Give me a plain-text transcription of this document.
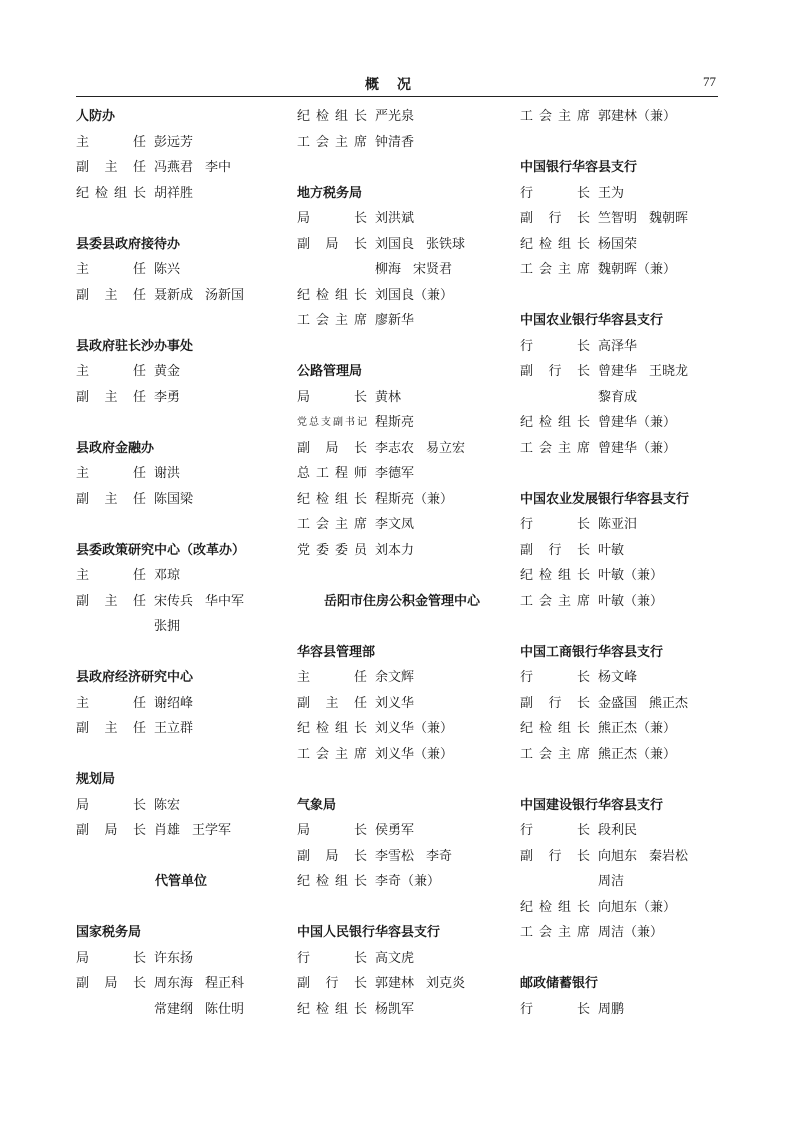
概况	77
人防办
主任 彭远芳
副主任 冯燕君 李中
纪检组长 胡祥胜
县委县政府接待办
主任 陈兴
副主任 聂新成 汤新国
县政府驻长沙办事处
主任 黄金
副主任 李勇
县政府金融办
主任 谢洪
副主任 陈国梁
县委政策研究中心（改革办）
主任 邓琼
副主任 宋传兵 华中军
张拥
县政府经济研究中心
主任 谢绍峰
副主任 王立群
规划局
局长 陈宏
副局长 肖雄 王学军
代管单位
国家税务局
局长 许东扬
副局长 周东海 程正科
常建纲 陈仕明
纪检组长 严光泉
工会主席 钟清香
地方税务局
局长 刘洪斌
副局长 刘国良 张铁球
柳海 宋贤君
纪检组长 刘国良（兼）
工会主席 廖新华
公路管理局
局长 黄林
党总支副书记 程斯亮
副局长 李志农 易立宏
总工程师 李德军
纪检组长 程斯亮（兼）
工会主席 李文凤
党委委员 刘本力
岳阳市住房公积金管理中心
华容县管理部
主任 余文辉
副主任 刘义华
纪检组长 刘义华（兼）
工会主席 刘义华（兼）
气象局
局长 侯勇军
副局长 李雪松 李奇
纪检组长 李奇（兼）
中国人民银行华容县支行
行长 高文虎
副行长 郭建林 刘克炎
纪检组长 杨凯军
工会主席 郭建林（兼）
中国银行华容县支行
行长 王为
副行长 竺智明 魏朝晖
纪检组长 杨国荣
工会主席 魏朝晖（兼）
中国农业银行华容县支行
行长 高泽华
副行长 曾建华 王晓龙
黎育成
纪检组长 曾建华（兼）
工会主席 曾建华（兼）
中国农业发展银行华容县支行
行长 陈亚汨
副行长 叶敏
纪检组长 叶敏（兼）
工会主席 叶敏（兼）
中国工商银行华容县支行
行长 杨文峰
副行长 金盛国 熊正杰
纪检组长 熊正杰（兼）
工会主席 熊正杰（兼）
中国建设银行华容县支行
行长 段利民
副行长 向旭东 秦岩松
周洁
纪检组长 向旭东（兼）
工会主席 周洁（兼）
邮政储蓄银行
行长 周鹏
